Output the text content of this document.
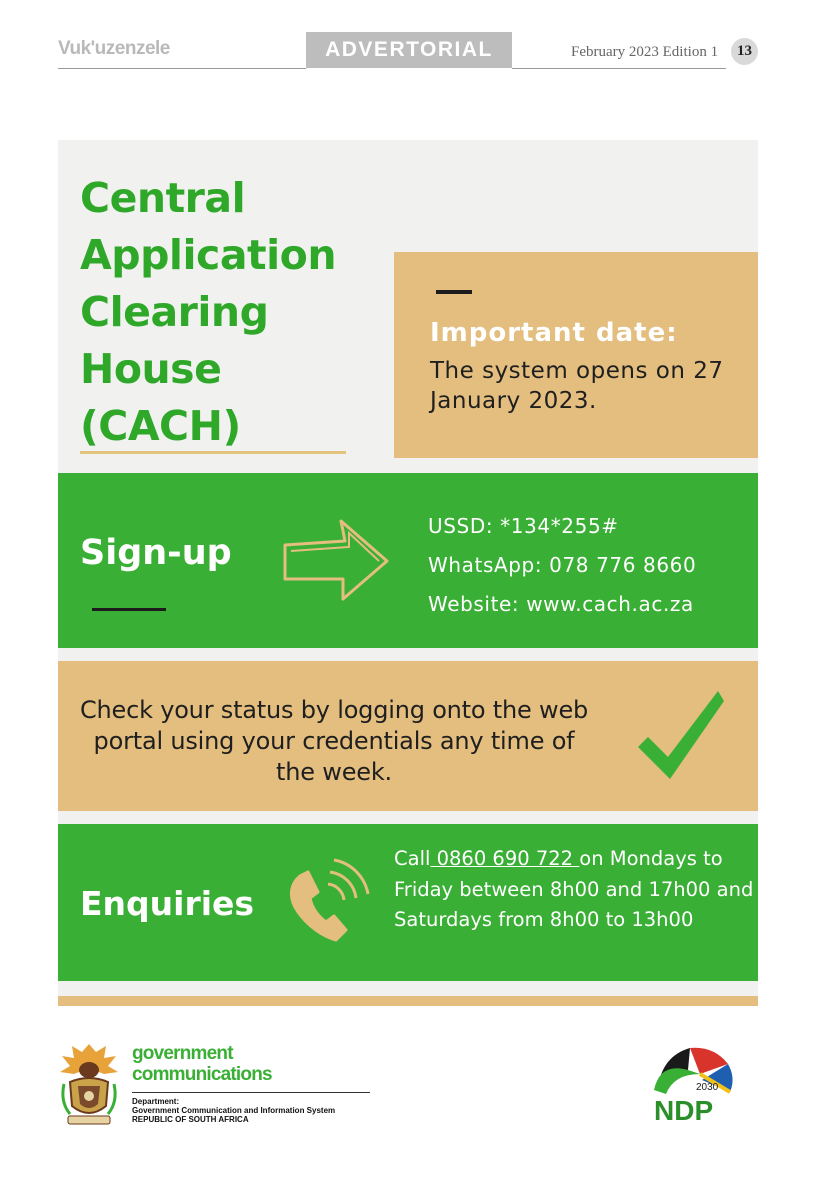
Vuk'uzenzele	ADVERTORIAL	February 2023 Edition 1	13
Central
Application
Clearing
House
(CACH)
Important date:
The system opens on 27 January 2023.
Sign-up
USSD: *134*255#
WhatsApp: 078 776 8660
Website: www.cach.ac.za
Check your status by logging onto the web portal using your credentials any time of the week.
Enquiries
Call 0860 690 722 on Mondays to Friday between 8h00 and 17h00 and Saturdays from 8h00 to 13h00
government
communications
Department:
Government Communication and Information System
REPUBLIC OF SOUTH AFRICA
2030
NDP
